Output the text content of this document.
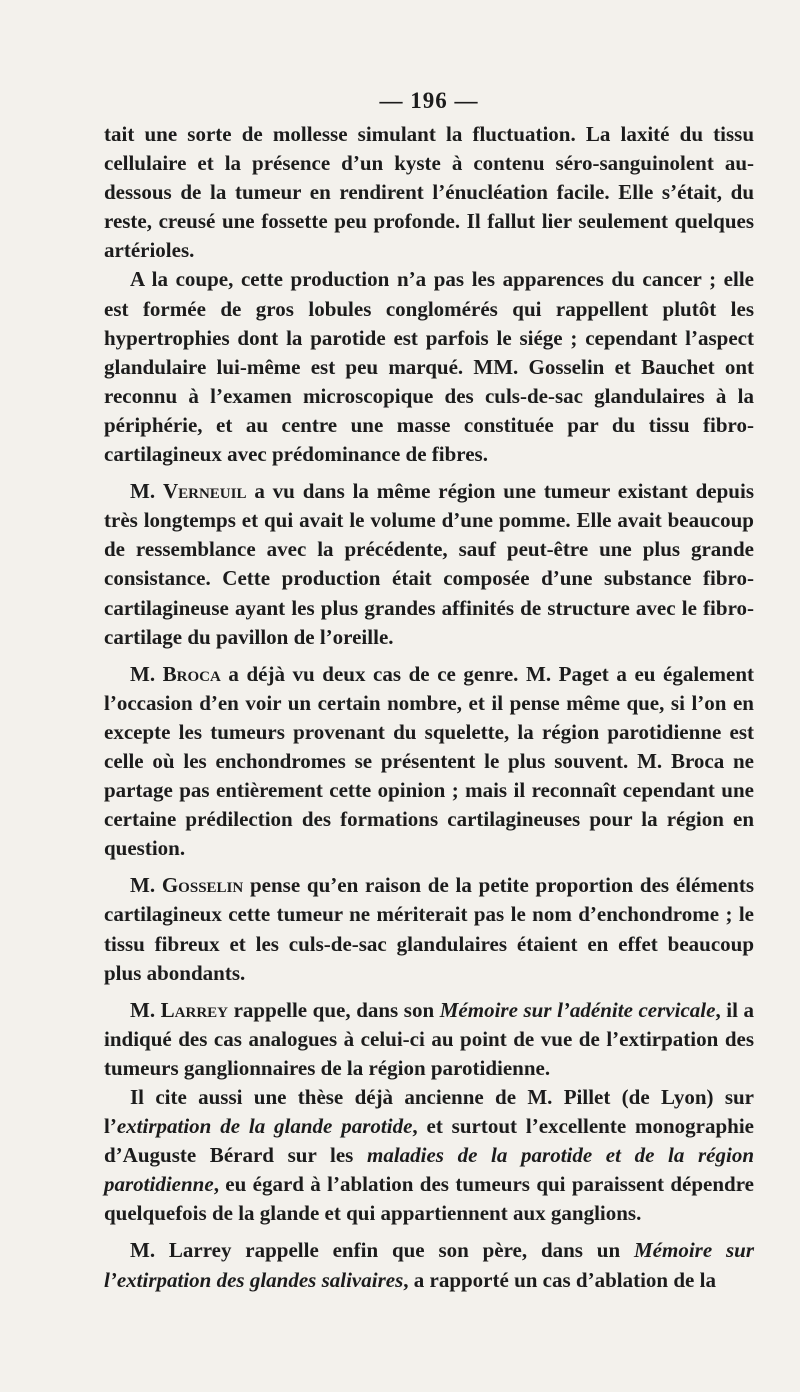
— 196 —

tait une sorte de mollesse simulant la fluctuation. La laxité du tissu cellulaire et la présence d’un kyste à contenu séro-sanguinolent au-dessous de la tumeur en rendirent l’énucléation facile. Elle s’était, du reste, creusé une fossette peu profonde. Il fallut lier seulement quelques artérioles.

A la coupe, cette production n’a pas les apparences du cancer ; elle est formée de gros lobules conglomérés qui rappellent plutôt les hypertrophies dont la parotide est parfois le siége ; cependant l’aspect glandulaire lui-même est peu marqué. MM. Gosselin et Bauchet ont reconnu à l’examen microscopique des culs-de-sac glandulaires à la périphérie, et au centre une masse constituée par du tissu fibro-cartilagineux avec prédominance de fibres.

M. Verneuil a vu dans la même région une tumeur existant depuis très longtemps et qui avait le volume d’une pomme. Elle avait beaucoup de ressemblance avec la précédente, sauf peut-être une plus grande consistance. Cette production était composée d’une substance fibro-cartilagineuse ayant les plus grandes affinités de structure avec le fibro-cartilage du pavillon de l’oreille.

M. Broca a déjà vu deux cas de ce genre. M. Paget a eu également l’occasion d’en voir un certain nombre, et il pense même que, si l’on en excepte les tumeurs provenant du squelette, la région parotidienne est celle où les enchondromes se présentent le plus souvent. M. Broca ne partage pas entièrement cette opinion ; mais il reconnaît cependant une certaine prédilection des formations cartilagineuses pour la région en question.

M. Gosselin pense qu’en raison de la petite proportion des éléments cartilagineux cette tumeur ne mériterait pas le nom d’enchondrome ; le tissu fibreux et les culs-de-sac glandulaires étaient en effet beaucoup plus abondants.

M. Larrey rappelle que, dans son Mémoire sur l’adénite cervicale, il a indiqué des cas analogues à celui-ci au point de vue de l’extirpation des tumeurs ganglionnaires de la région parotidienne.

Il cite aussi une thèse déjà ancienne de M. Pillet (de Lyon) sur l’extirpation de la glande parotide, et surtout l’excellente monographie d’Auguste Bérard sur les maladies de la parotide et de la région parotidienne, eu égard à l’ablation des tumeurs qui paraissent dépendre quelquefois de la glande et qui appartiennent aux ganglions.

M. Larrey rappelle enfin que son père, dans un Mémoire sur l’extirpation des glandes salivaires, a rapporté un cas d’ablation de la
